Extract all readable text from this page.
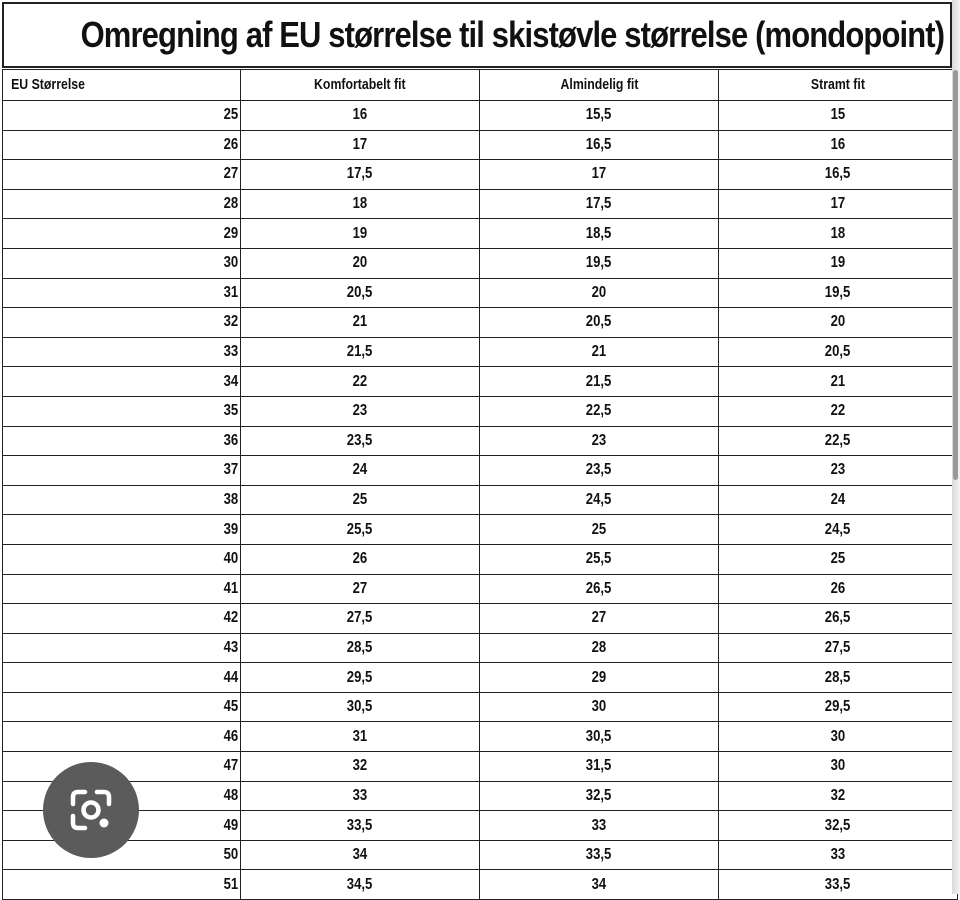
Omregning af EU størrelse til skistøvle størrelse (mondopoint)
EU Størrelse	Komfortabelt fit	Almindelig fit	Stramt fit
25	16	15,5	15
26	17	16,5	16
27	17,5	17	16,5
28	18	17,5	17
29	19	18,5	18
30	20	19,5	19
31	20,5	20	19,5
32	21	20,5	20
33	21,5	21	20,5
34	22	21,5	21
35	23	22,5	22
36	23,5	23	22,5
37	24	23,5	23
38	25	24,5	24
39	25,5	25	24,5
40	26	25,5	25
41	27	26,5	26
42	27,5	27	26,5
43	28,5	28	27,5
44	29,5	29	28,5
45	30,5	30	29,5
46	31	30,5	30
47	32	31,5	30
48	33	32,5	32
49	33,5	33	32,5
50	34	33,5	33
51	34,5	34	33,5
